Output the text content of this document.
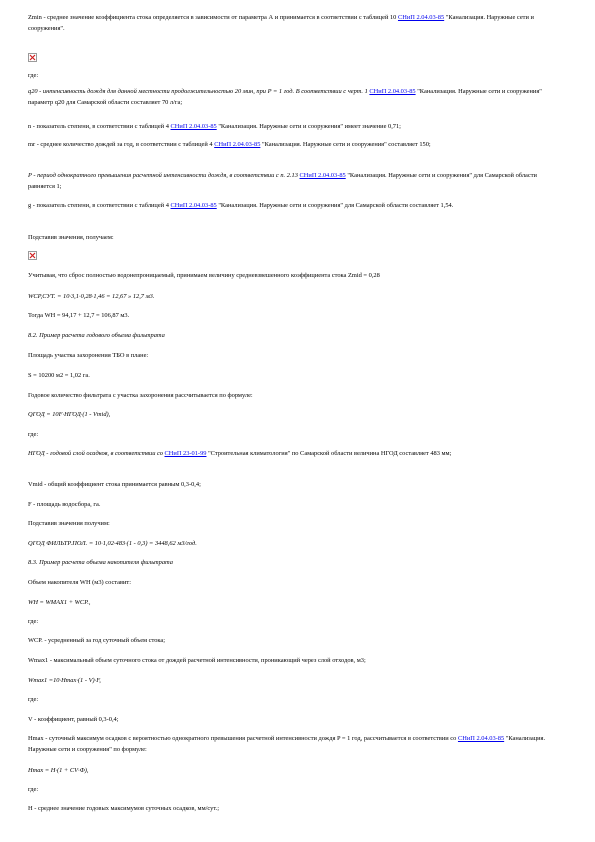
Zmin - среднее значение коэффициента стока определяется в зависимости от параметра А и принимается в соответствии с таблицей 10 СНиП 2.04.03-85 "Канализация. Наружные сети и сооружения".
где:
q20 - интенсивность дождя для данной местности продолжительностью 20 мин, при P = 1 год. В соответствии с черт. 1 СНиП 2.04.03-85 "Канализация. Наружные сети и сооружения" параметр q20 для Самарской области составляет 70 л/га;
n - показатель степени, в соответствии с таблицей 4 СНиП 2.04.03-85 "Канализация. Наружные сети и сооружения" имеет значение 0,71;
mr - среднее количество дождей за год, в соответствии с таблицей 4 СНиП 2.04.03-85 "Канализация. Наружные сети и сооружения" составляет 150;
P - период однократного превышения расчетной интенсивности дождя, в соответствии с п. 2.13 СНиП 2.04.03-85 "Канализация. Наружные сети и сооружения" для Самарской области равняется 1;
g - показатель степени, в соответствии с таблицей 4 СНиП 2.04.03-85 "Канализация. Наружные сети и сооружения" для Самарской области составляет 1,54.
Подставив значения, получаем:
Учитывая, что сброс полностью водонепроницаемый, принимаем величину средневзвешенного коэффициента стока Zmid = 0,28
WCP,СУТ. = 10·3,1·0,28·1,46 = 12,67 » 12,7 м3.
Тогда WH = 94,17 + 12,7 = 106,87 м3.
8.2. Пример расчета годового объема фильтрата
Площадь участка захоронения ТБО в плане:
S = 10200 м2 = 1,02 га.
Годовое количество фильтрата с участка захоронения рассчитывается по формуле:
QГОД = 10F·HГОД·(1 - Vmid),
где:
HГОД - годовой слой осадков, в соответствии со СНиП 23-01-99 "Строительная климатология" по Самарской области величина HГОД составляет 483 мм;
Vmid - общий коэффициент стока принимается равным 0,3-0,4;
F - площадь водосбора, га.
Подставив значения получим:
QГОД ФИЛЬТР.ПОЛ. = 10·1,02·483·(1 - 0,3) = 3448,62 м3/год.
8.3. Пример расчета объема накопителя фильтрата
Объем накопителя WH (м3) составит:
WH = WMAX1 + WCP.,
где:
WCP. - усредненный за год суточный объем стока;
Wmax1 - максимальный объем суточного стока от дождей расчетной интенсивности, проникающий через слой отходов, м3;
Wmax1 =10·Hmax·(1 - V)·F,
где:
V - коэффициент, равный 0,3-0,4;
Hmax - суточный максимум осадков с вероятностью однократного превышения расчетной интенсивности дождя P = 1 год, рассчитывается в соответствии со СНиП 2.04.03-85 "Канализация. Наружные сети и сооружения" по формуле:
Hmax = H·(1 + CV·Ф),
где:
H - среднее значение годовых максимумов суточных осадков, мм/сут.;
